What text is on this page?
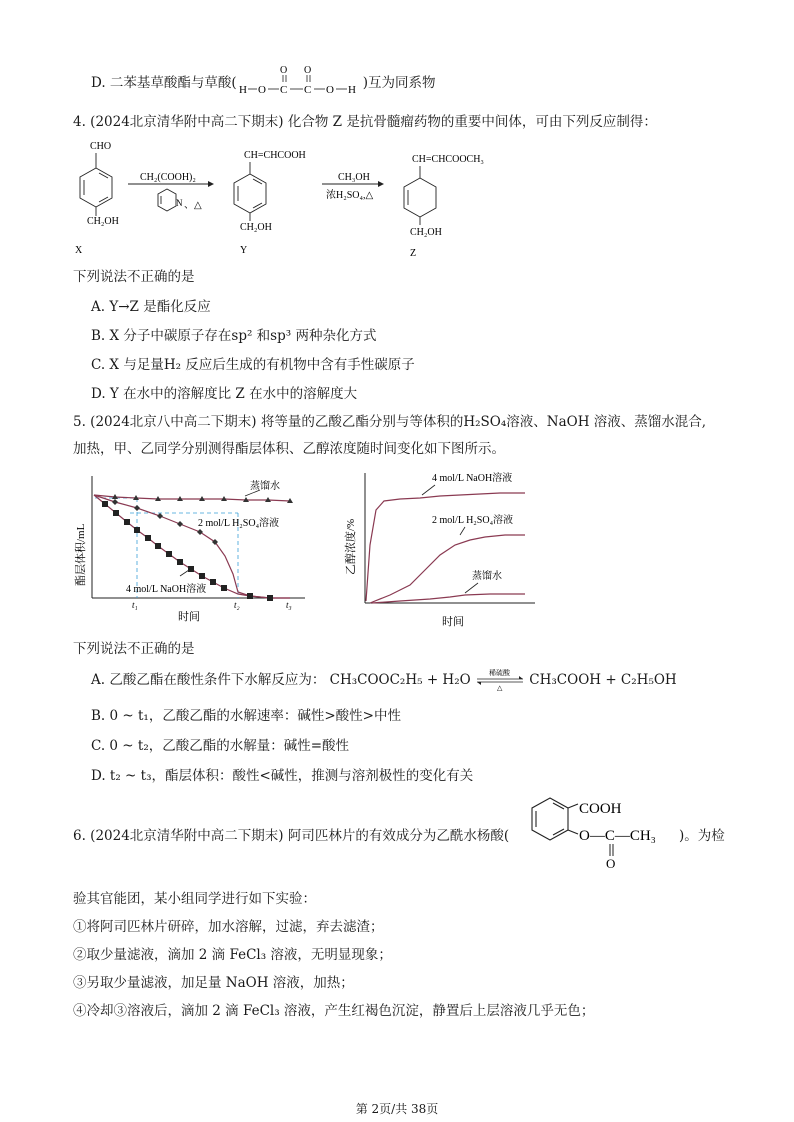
D. 二苯基草酸酯与草酸( H O C
O
C
O
O H )互为同系物
4. (2024北京清华附中高二下期末) 化合物 Z 是抗骨髓瘤药物的重要中间体，可由下列反应制得：
CHO
CH₂OH
X
CH₂(COOH)₂
N 、△
CH=CHCOOH
CH₂OH
Y
CH₃OH
浓H₂SO₄,△
CH=CHCOOCH₃
CH₂OH
Z
下列说法不正确的是
A. Y→Z 是酯化反应
B. X 分子中碳原子存在sp² 和sp³ 两种杂化方式
C. X 与足量H₂ 反应后生成的有机物中含有手性碳原子
D. Y 在水中的溶解度比 Z 在水中的溶解度大
5. (2024北京八中高二下期末) 将等量的乙酸乙酯分别与等体积的H₂SO₄溶液、NaOH 溶液、蒸馏水混合,
加热，甲、乙同学分别测得酯层体积、乙醇浓度随时间变化如下图所示。
酯层体积/mL
时间
t₁	t₂	t₃
蒸馏水
2 mol/L H₂SO₄溶液
4 mol/L NaOH溶液
乙醇浓度/%
时间
4 mol/L NaOH溶液
2 mol/L H₂SO₄溶液
蒸馏水
下列说法不正确的是
A. 乙酸乙酯在酸性条件下水解反应为： CH₃COOC₂H₅ + H₂O	稀硫酸
△ CH₃COOH + C₂H₅OH
B. 0 ~ t₁，乙酸乙酯的水解速率：碱性>酸性>中性
C. 0 ~ t₂，乙酸乙酯的水解量：碱性=酸性
D. t₂ ~ t₃，酯层体积：酸性<碱性，推测与溶剂极性的变化有关
6. (2024北京清华附中高二下期末) 阿司匹林片的有效成分为乙酰水杨酸(
COOH
O—C—CH₃
O
)。为检
验其官能团，某小组同学进行如下实验：
①将阿司匹林片研碎，加水溶解，过滤，弃去滤渣；
②取少量滤液，滴加 2 滴 FeCl₃ 溶液，无明显现象；
③另取少量滤液，加足量 NaOH 溶液，加热；
④冷却③溶液后，滴加 2 滴 FeCl₃ 溶液，产生红褐色沉淀，静置后上层溶液几乎无色；
第 2页/共 38页
